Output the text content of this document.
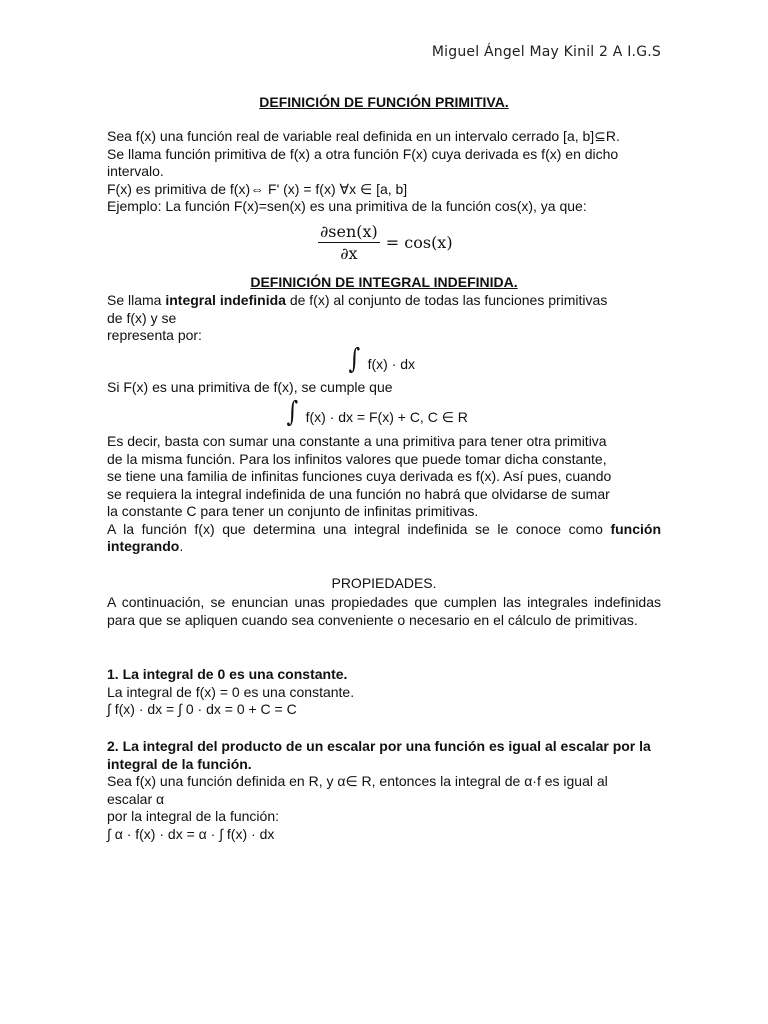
Miguel Ángel May Kinil 2 A I.G.S
DEFINICIÓN DE FUNCIÓN PRIMITIVA.
Sea f(x) una función real de variable real definida en un intervalo cerrado [a, b]⊆R.
Se llama función primitiva de f(x) a otra función F(x) cuya derivada es f(x) en dicho
intervalo.
F(x) es primitiva de f(x)⇔ F' (x) = f(x) ∀x ∈ [a, b]
Ejemplo: La función F(x)=sen(x) es una primitiva de la función cos(x), ya que:
$\frac{\text{∂sen(x)}}{\partial x} = \cos(x)$
DEFINICIÓN DE INTEGRAL INDEFINIDA.
Se llama integral indefinida de f(x) al conjunto de todas las funciones primitivas
de f(x) y se
representa por:
∫ f(x) · dx
Si F(x) es una primitiva de f(x), se cumple que
∫ f(x) · dx = F(x) + C, C ∈ R
Es decir, basta con sumar una constante a una primitiva para tener otra primitiva
de la misma función. Para los infinitos valores que puede tomar dicha constante,
se tiene una familia de infinitas funciones cuya derivada es f(x). Así pues, cuando
se requiera la integral indefinida de una función no habrá que olvidarse de sumar
la constante C para tener un conjunto de infinitas primitivas.
A la función f(x) que determina una integral indefinida se le conoce como función
integrando.
PROPIEDADES.
A continuación, se enuncian unas propiedades que cumplen las integrales indefinidas para que se apliquen cuando sea conveniente o necesario en el cálculo de primitivas.
1. La integral de 0 es una constante.
La integral de f(x) = 0 es una constante.
∫ f(x) · dx = ∫ 0 · dx = 0 + C = C
2. La integral del producto de un escalar por una función es igual al escalar por la integral de la función.
Sea f(x) una función definida en R, y α∈ R, entonces la integral de α·f es igual al
escalar α
por la integral de la función:
∫ α · f(x) · dx = α · ∫ f(x) · dx
